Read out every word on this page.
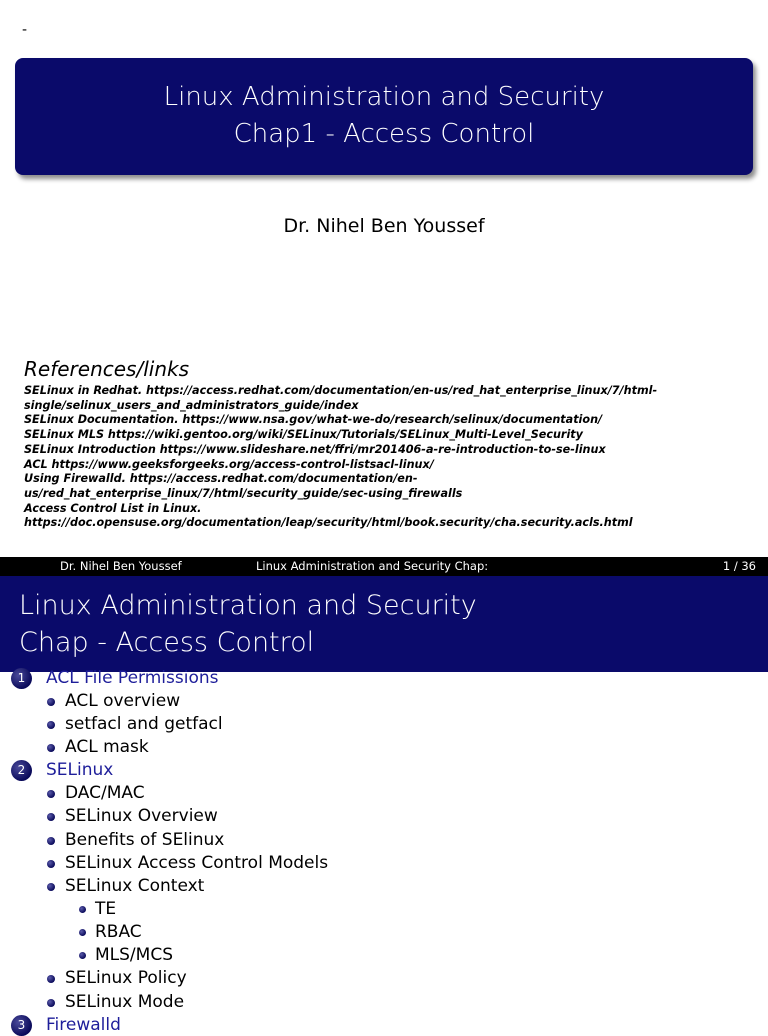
-
Linux Administration and Security
Chap1 - Access Control
Dr. Nihel Ben Youssef
References/links
SELinux in Redhat. https://access.redhat.com/documentation/en-us/red_hat_enterprise_linux/7/html-
single/selinux_users_and_administrators_guide/index
SELinux Documentation. https://www.nsa.gov/what-we-do/research/selinux/documentation/
SELinux MLS https://wiki.gentoo.org/wiki/SELinux/Tutorials/SELinux_Multi-Level_Security
SELinux Introduction https://www.slideshare.net/ffri/mr201406-a-re-introduction-to-se-linux
ACL https://www.geeksforgeeks.org/access-control-listsacl-linux/
Using Firewalld. https://access.redhat.com/documentation/en-
us/red_hat_enterprise_linux/7/html/security_guide/sec-using_firewalls
Access Control List in Linux.
https://doc.opensuse.org/documentation/leap/security/html/book.security/cha.security.acls.html
Dr. Nihel Ben Youssef	Linux Administration and Security Chap:	1 / 36
Linux Administration and Security
Chap - Access Control
1	ACL File Permissions
ACL overview
setfacl and getfacl
ACL mask
2	SELinux
DAC/MAC
SELinux Overview
Benefits of SElinux
SELinux Access Control Models
SELinux Context
TE
RBAC
MLS/MCS
SELinux Policy
SELinux Mode
3	Firewalld
